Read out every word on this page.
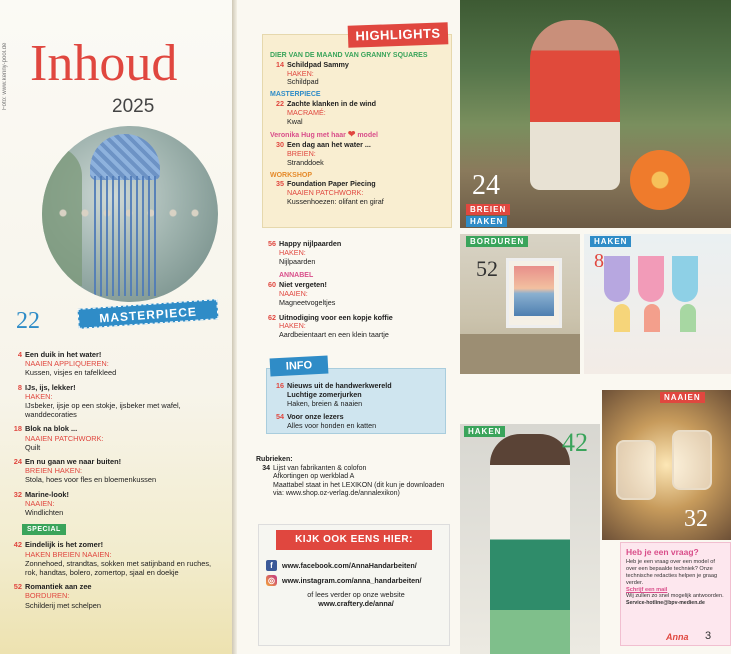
Foto: www.kenny-pool.de Inhoud
2025
22	MASTERPIECE
4 Een duik in het water!
NAAIEN APPLIQUEREN:
Kussen, visjes en tafelkleed
8 IJs, ijs, lekker!
HAKEN:
IJsbeker, ijsje op een stokje, ijsbeker met wafel, wanddecoraties
18 Blok na blok ...
NAAIEN PATCHWORK:
Quilt
24 En nu gaan we naar buiten!
BREIEN HAKEN:
Stola, hoes voor fles en bloemenkussen
32 Marine-look!
NAAIEN:
Windlichten
SPECIAL
42 Eindelijk is het zomer!
HAKEN BREIEN NAAIEN:
Zonnehoed, strandtas, sokken met satijnband en ruches, rok, handtas, bolero, zomertop, sjaal en doekje
52 Romantiek aan zee
BORDUREN:
Schilderij met schelpen
HIGHLIGHTS
DIER VAN DE MAAND VAN GRANNY SQUARES
14 Schildpad Sammy
HAKEN:
Schildpad
MASTERPIECE
22 Zachte klanken in de wind
MACRAMÉ:
Kwal
Veronika Hug met haar ❤ model
30 Een dag aan het water ...
BREIEN:
Stranddoek
WORKSHOP
35 Foundation Paper Piecing
NAAIEN PATCHWORK:
Kussenhoezen: olifant en giraf
56 Happy nijlpaarden
HAKEN:
Nijlpaarden
ANNABEL
60 Niet vergeten!
NAAIEN:
Magneetvogeltjes
62 Uitnodiging voor een kopje koffie
HAKEN:
Aardbeientaart en een klein taartje
INFO
16 Nieuws uit de handwerkwereld
Luchtige zomerjurken
Haken, breien & naaien
54 Voor onze lezers
Alles voor honden en katten
Rubrieken:
34 Lijst van fabrikanten & colofon
Afkortingen op werkblad A
Maattabel staat in het LEXIKON (dit kun je downloaden
via: www.shop.oz-verlag.de/annalexikon)
KIJK OOK EENS HIER:
f	www.facebook.com/AnnaHandarbeiten/
◎ www.instagram.com/anna_handarbeiten/
of lees verder op onze website
www.craftery.de/anna/
24
BREIEN
HAKEN
BORDUREN
52
HAKEN
8
HAKEN 42
NAAIEN
32
Heb je een vraag?
Heb je een vraag over een model of over een bepaalde techniek? Onze technische redacties helpen je graag verder.
Schrijf een mail
Wij zullen zo snel mogelijk antwoorden.
Service-hotline@bpv-medien.de
Anna 3
